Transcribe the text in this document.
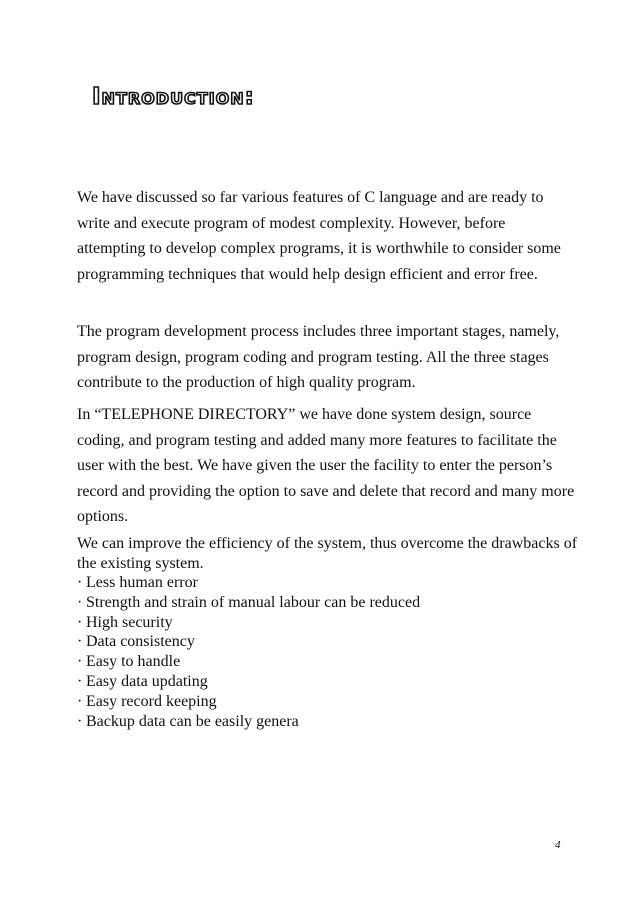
Introduction:

We have discussed so far various features of C language and are ready to write and execute program of modest complexity. However, before attempting to develop complex programs, it is worthwhile to consider some programming techniques that would help design efficient and error free.

The program development process includes three important stages, namely, program design, program coding and program testing. All the three stages contribute to the production of high quality program.

In “TELEPHONE DIRECTORY” we have done system design, source coding, and program testing and added many more features to facilitate the user with the best. We have given the user the facility to enter the person’s record and providing the option to save and delete that record and many more options.

We can improve the efficiency of the system, thus overcome the drawbacks of the existing system.

· Less human error
· Strength and strain of manual labour can be reduced
· High security
· Data consistency
· Easy to handle
· Easy data updating
· Easy record keeping
· Backup data can be easily genera
4
